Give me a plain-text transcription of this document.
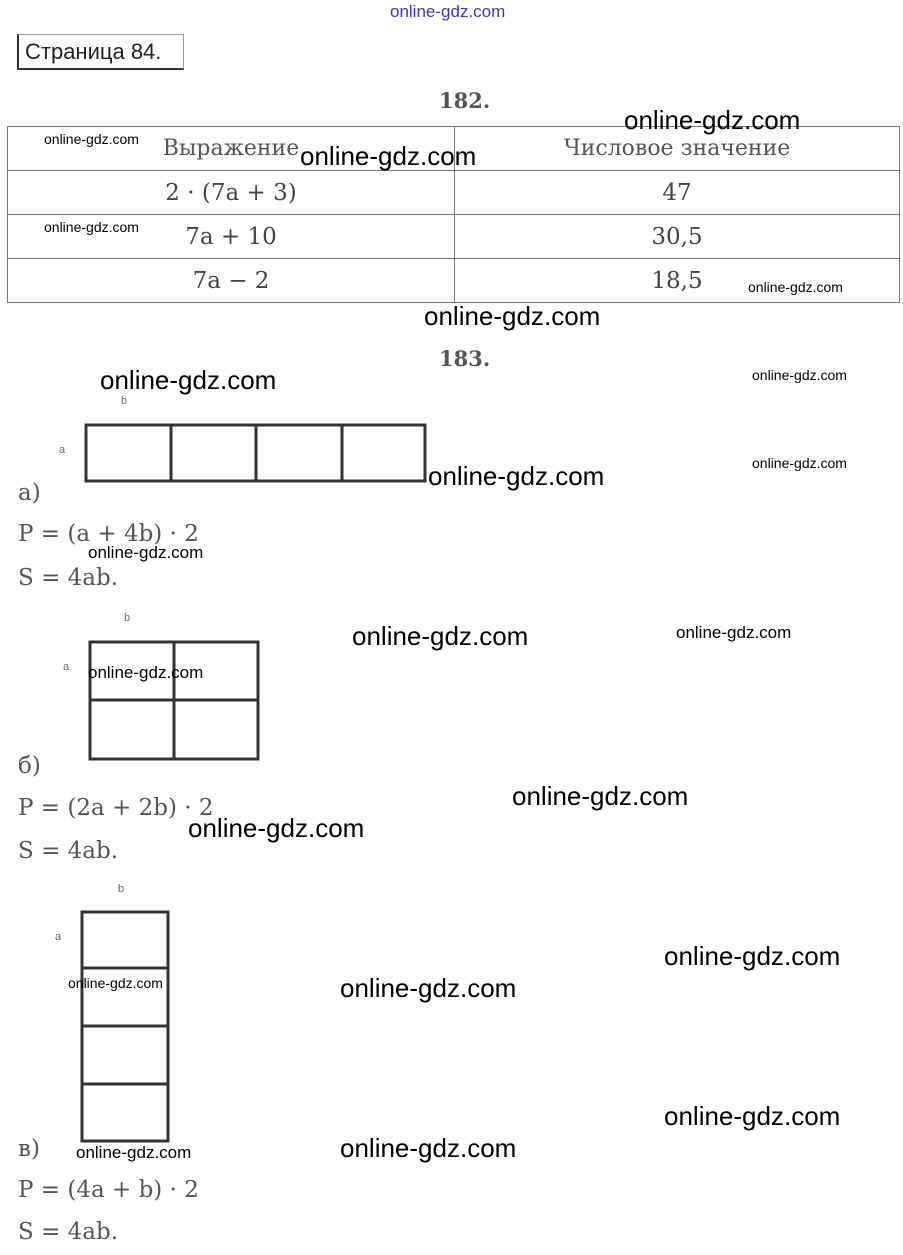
online-gdz.com
Страница 84.
182.
Выражение	Числовое значение
2 · (7a + 3)	47
7a + 10	30,5
7a − 2	18,5
183.
b
a
а)
P = (a + 4b) · 2
S = 4ab.
b
a
б)
P = (2a + 2b) · 2
S = 4ab.
b
a
в)
P = (4a + b) · 2
S = 4ab.
online-gdz.com
online-gdz.com
online-gdz.com
online-gdz.com
online-gdz.com
online-gdz.com
online-gdz.com	online-gdz.com
online-gdz.com
online-gdz.com
online-gdz.com
online-gdz.com	online-gdz.com
online-gdz.com
online-gdz.com
online-gdz.com
online-gdz.com
online-gdz.com	online-gdz.com
online-gdz.com
online-gdz.com
online-gdz.com
